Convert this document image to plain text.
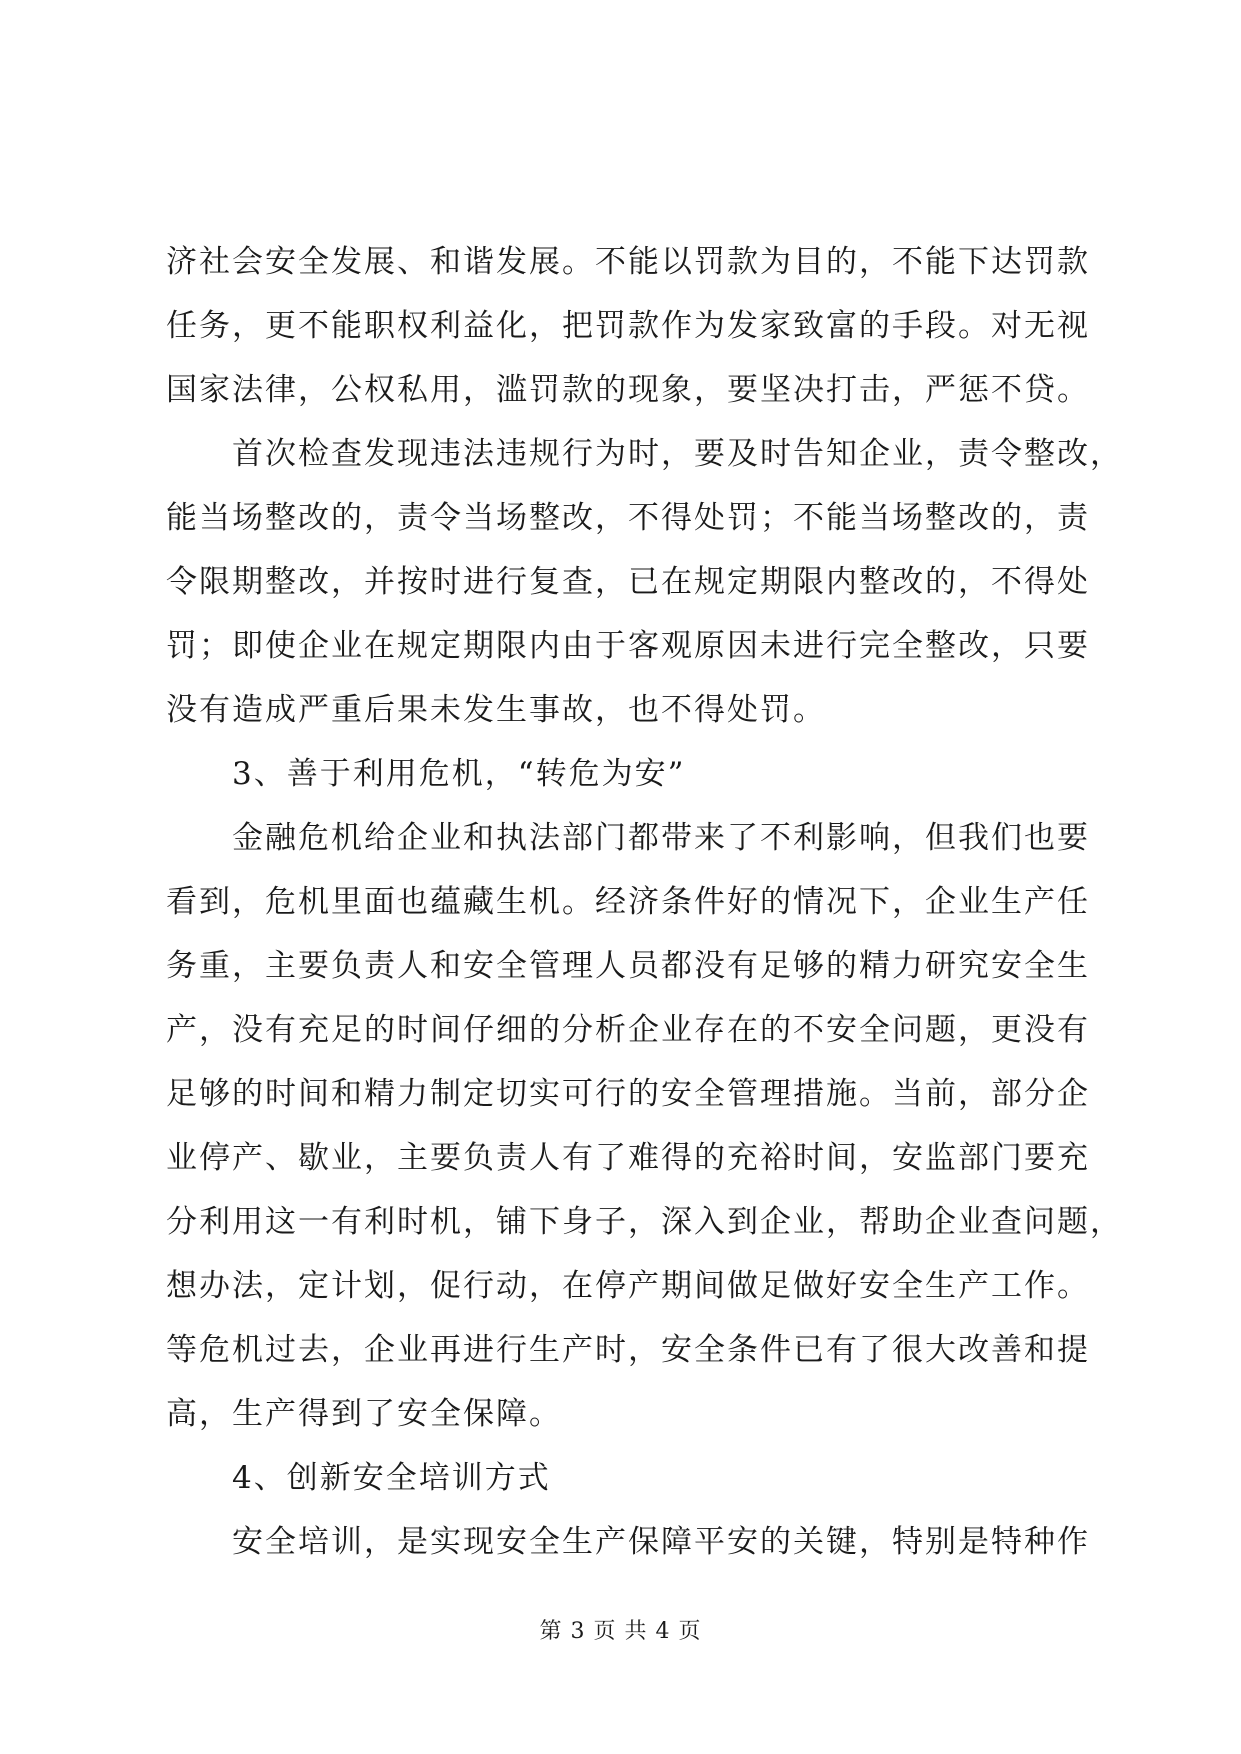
济社会安全发展、和谐发展。不能以罚款为目的，不能下达罚款
任务，更不能职权利益化，把罚款作为发家致富的手段。对无视
国家法律，公权私用，滥罚款的现象，要坚决打击，严惩不贷。
首次检查发现违法违规行为时，要及时告知企业，责令整改，
能当场整改的，责令当场整改，不得处罚；不能当场整改的，责
令限期整改，并按时进行复查，已在规定期限内整改的，不得处
罚；即使企业在规定期限内由于客观原因未进行完全整改，只要
没有造成严重后果未发生事故，也不得处罚。
3、善于利用危机，“转危为安”
金融危机给企业和执法部门都带来了不利影响，但我们也要
看到，危机里面也蕴藏生机。经济条件好的情况下，企业生产任
务重，主要负责人和安全管理人员都没有足够的精力研究安全生
产，没有充足的时间仔细的分析企业存在的不安全问题，更没有
足够的时间和精力制定切实可行的安全管理措施。当前，部分企
业停产、歇业，主要负责人有了难得的充裕时间，安监部门要充
分利用这一有利时机，铺下身子，深入到企业，帮助企业查问题，
想办法，定计划，促行动，在停产期间做足做好安全生产工作。
等危机过去，企业再进行生产时，安全条件已有了很大改善和提
高，生产得到了安全保障。
4、创新安全培训方式
安全培训，是实现安全生产保障平安的关键，特别是特种作
第 3 页 共 4 页
